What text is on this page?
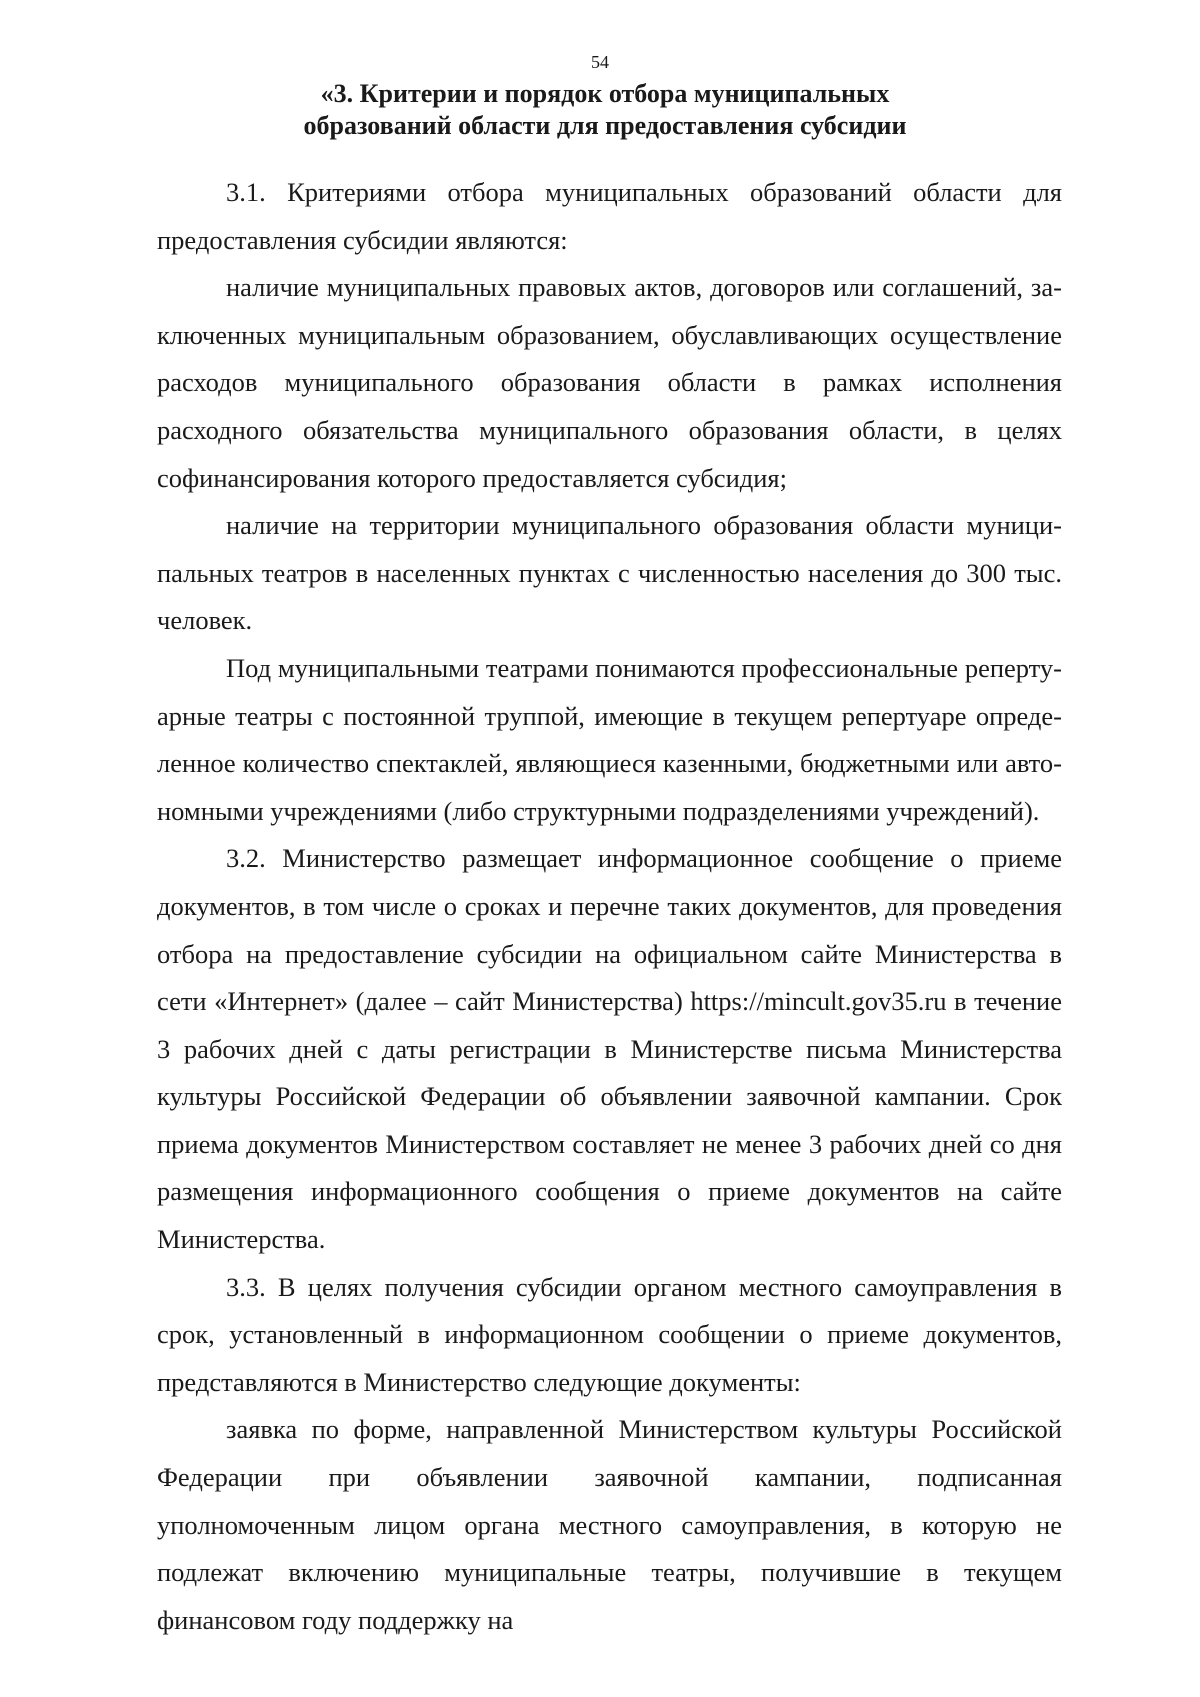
54
«3. Критерии и порядок отбора муниципальных
образований области для предоставления субсидии

3.1. Критериями отбора муниципальных образований области для предоставления субсидии являются:

наличие муниципальных правовых актов, договоров или соглашений, заключенных муниципальным образованием, обуславливающих осуществление расходов муниципального образования области в рамках исполнения расходного обязательства муниципального образования области, в целях софинансирования которого предоставляется субсидия;

наличие на территории муниципального образования области муниципальных театров в населенных пунктах с численностью населения до 300 тыс. человек.

Под муниципальными театрами понимаются профессиональные репертуарные театры с постоянной труппой, имеющие в текущем репертуаре определенное количество спектаклей, являющиеся казенными, бюджетными или автономными учреждениями (либо структурными подразделениями учреждений).

3.2. Министерство размещает информационное сообщение о приеме документов, в том числе о сроках и перечне таких документов, для проведения отбора на предоставление субсидии на официальном сайте Министерства в сети «Интернет» (далее – сайт Министерства) https://mincult.gov35.ru в течение 3 рабочих дней с даты регистрации в Министерстве письма Министерства культуры Российской Федерации об объявлении заявочной кампании. Срок приема документов Министерством составляет не менее 3 рабочих дней со дня размещения информационного сообщения о приеме документов на сайте Министерства.

3.3. В целях получения субсидии органом местного самоуправления в срок, установленный в информационном сообщении о приеме документов, представляются в Министерство следующие документы:

заявка по форме, направленной Министерством культуры Российской Федерации при объявлении заявочной кампании, подписанная уполномоченным лицом органа местного самоуправления, в которую не подлежат включению муниципальные театры, получившие в текущем финансовом году поддержку на
